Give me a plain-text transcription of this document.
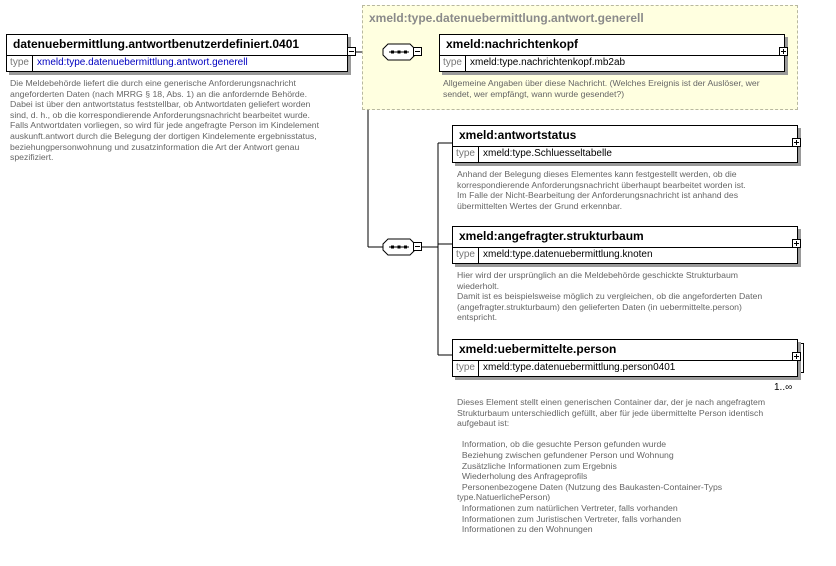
xmeld:type.datenuebermittlung.antwort.generell
datenuebermittlung.antwortbenutzerdefiniert.0401
type xmeld:type.datenuebermittlung.antwort.generell
Die Meldebehörde liefert die durch eine generische Anforderungsnachricht
angeforderten Daten (nach MRRG § 18, Abs. 1) an die anfordernde Behörde.
Dabei ist über den antwortstatus feststellbar, ob Antwortdaten geliefert worden
sind, d. h., ob die korrespondierende Anforderungsnachricht bearbeitet wurde.
Falls Antwortdaten vorliegen, so wird für jede angefragte Person im Kindelement
auskunft.antwort durch die Belegung der dortigen Kindelemente ergebnisstatus,
beziehungpersonwohnung und zusatzinformation die Art der Antwort genau
spezifiziert.
xmeld:nachrichtenkopf
type xmeld:type.nachrichtenkopf.mb2ab
Allgemeine Angaben über diese Nachricht. (Welches Ereignis ist der Auslöser, wer
sendet, wer empfängt, wann wurde gesendet?)
xmeld:antwortstatus
type xmeld:type.Schluesseltabelle
Anhand der Belegung dieses Elementes kann festgestellt werden, ob die
korrespondierende Anforderungsnachricht überhaupt bearbeitet worden ist.
Im Falle der Nicht-Bearbeitung der Anforderungsnachricht ist anhand des
übermittelten Wertes der Grund erkennbar.
xmeld:angefragter.strukturbaum
type xmeld:type.datenuebermittlung.knoten
Hier wird der ursprünglich an die Meldebehörde geschickte Strukturbaum
wiederholt.
Damit ist es beispielsweise möglich zu vergleichen, ob die angeforderten Daten
(angefragter.strukturbaum) den gelieferten Daten (in uebermittelte.person)
entspricht.
xmeld:uebermittelte.person
type xmeld:type.datenuebermittlung.person0401
1..∞
Dieses Element stellt einen generischen Container dar, der je nach angefragtem
Strukturbaum unterschiedlich gefüllt, aber für jede übermittelte Person identisch
aufgebaut ist:

Information, ob die gesuchte Person gefunden wurde
Beziehung zwischen gefundener Person und Wohnung
Zusätzliche Informationen zum Ergebnis
Wiederholung des Anfrageprofils
Personenbezogene Daten (Nutzung des Baukasten-Container-Typs
type.NatuerlichePerson)
Informationen zum natürlichen Vertreter, falls vorhanden
Informationen zum Juristischen Vertreter, falls vorhanden
Informationen zu den Wohnungen
